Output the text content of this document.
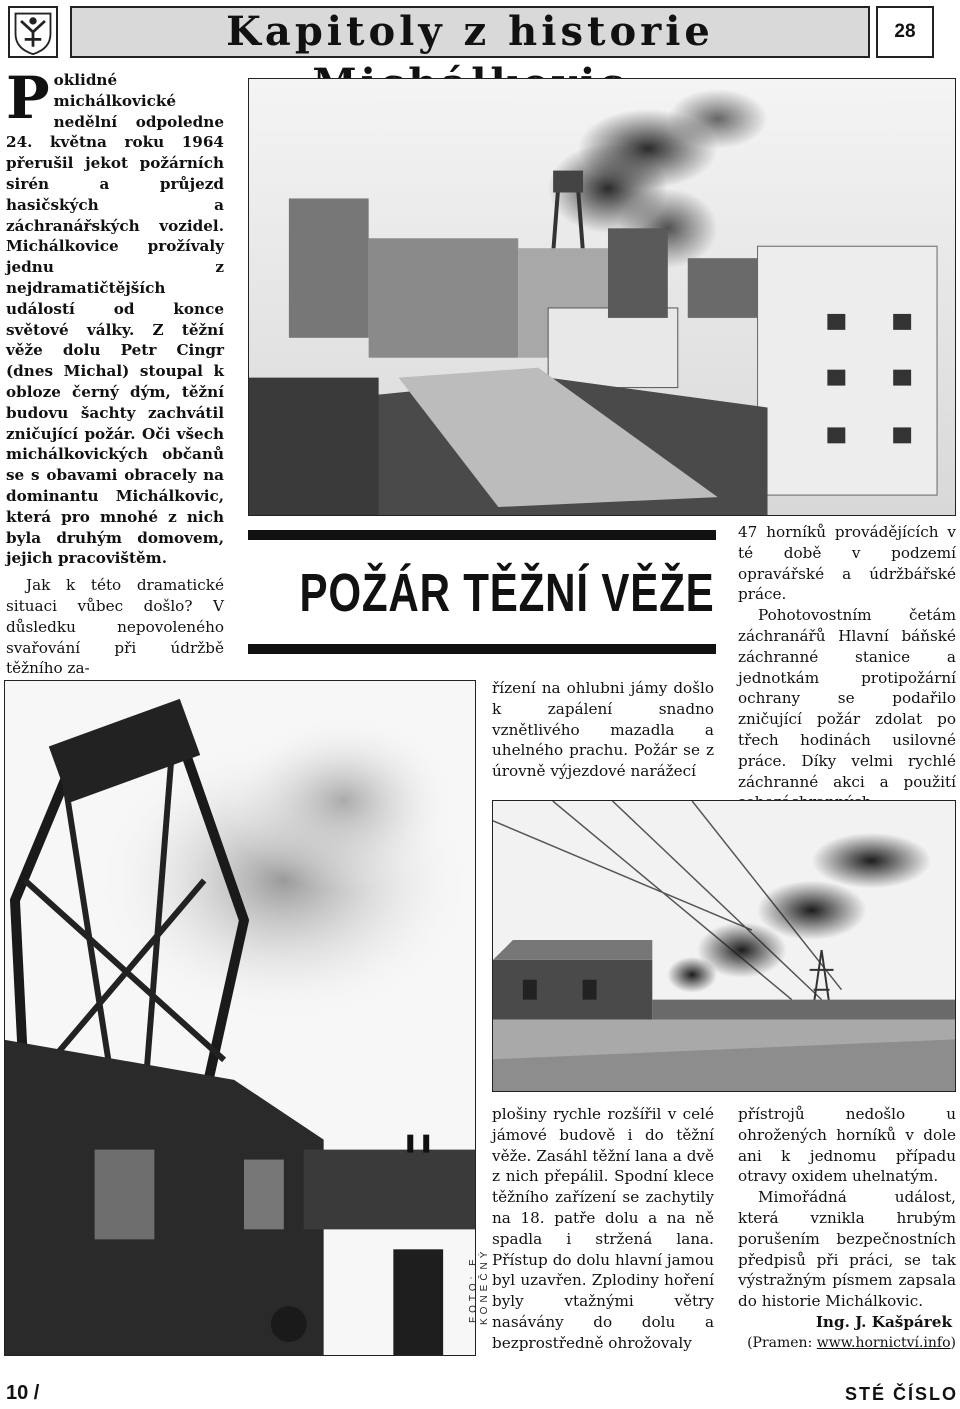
Kapitoly z historie	28

Poklidné michálkovické nedělní odpoledne 24. května roku 1964 přerušil jekot požárních sirén a průjezd hasičských a záchranářských vozidel. Michálkovice prožívaly jednu z nejdramatičtějších událostí od konce světové války. Z těžní věže dolu Petr Cingr (dnes Michal) stoupal k obloze černý dým, těžní budovu šachty zachvátil zničující požár. Oči všech michálkovických občanů se s obavami obracely na dominantu Michálkovic, která pro mnohé z nich byla druhým domovem, jejich pracovištěm.

Jak k této dramatické situaci vůbec došlo? V důsledku nepovoleného svařování při údržbě těžního za-

POŽÁR TĚŽNÍ VĚŽE

47 horníků provádějících v té době v podzemí opravářské a údržbářské práce.

Pohotovostním četám záchranářů Hlavní báňské záchranné stanice a jednotkám protipožární ochrany se podařilo zničující požár zdolat po třech hodinách usilovné práce. Díky velmi rychlé záchranné akci a použití

řízení na ohlubni jámy došlo k zapálení snadno vznětlivého mazadla a uhelného prachu. Požár se z úrovně výjezdové narážecí

FOTO: E. KONEČNÝ

plošiny rychle rozšířil v celé jámové budově i do těžní věže. Zasáhl těžní lana a dvě z nich přepálil. Spodní klece těžního zařízení se zachytily na 18. patře dolu a na ně spadla i stržená lana. Přístup do dolu hlavní jamou byl uzavřen. Zplodiny hoření byly vtažnými větry nasávány do dolu a bezprostředně ohrožovaly

přístrojů nedošlo u ohrožených horníků v dole ani k jednomu případu otravy oxidem uhelnatým.

Mimořádná událost, která vznikla hrubým porušením bezpečnostních předpisů při práci, se tak výstražným písmem zapsala do historie Michálkovic.

Ing. J. Kašpárek

(Pramen: www.hornictví.info)

10 /	STÉ ČÍSLO
